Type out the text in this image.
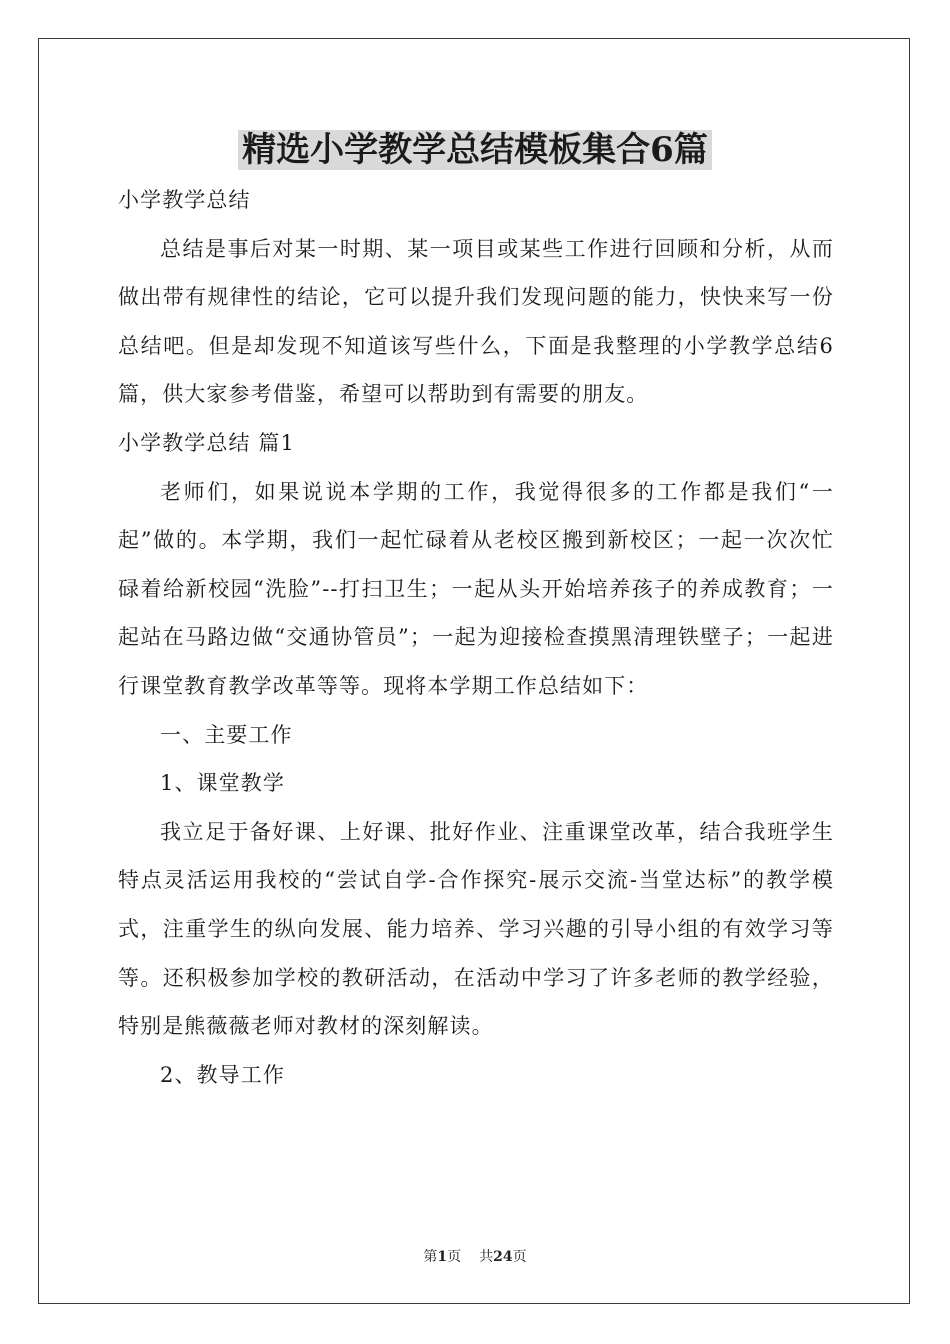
精选小学教学总结模板集合6篇

小学教学总结

总结是事后对某一时期、某一项目或某些工作进行回顾和分析，从而做出带有规律性的结论，它可以提升我们发现问题的能力，快快来写一份总结吧。但是却发现不知道该写些什么，下面是我整理的小学教学总结6篇，供大家参考借鉴，希望可以帮助到有需要的朋友。

小学教学总结 篇1

老师们，如果说说本学期的工作，我觉得很多的工作都是我们“一起”做的。本学期，我们一起忙碌着从老校区搬到新校区；一起一次次忙碌着给新校园“洗脸”--打扫卫生；一起从头开始培养孩子的养成教育；一起站在马路边做“交通协管员”；一起为迎接检查摸黑清理铁壁子；一起进行课堂教育教学改革等等。现将本学期工作总结如下：

一、主要工作

1、课堂教学

我立足于备好课、上好课、批好作业、注重课堂改革，结合我班学生特点灵活运用我校的“尝试自学-合作探究-展示交流-当堂达标”的教学模式，注重学生的纵向发展、能力培养、学习兴趣的引导小组的有效学习等等。还积极参加学校的教研活动，在活动中学习了许多老师的教学经验，特别是熊薇薇老师对教材的深刻解读。

2、教导工作

第1页 共24页
